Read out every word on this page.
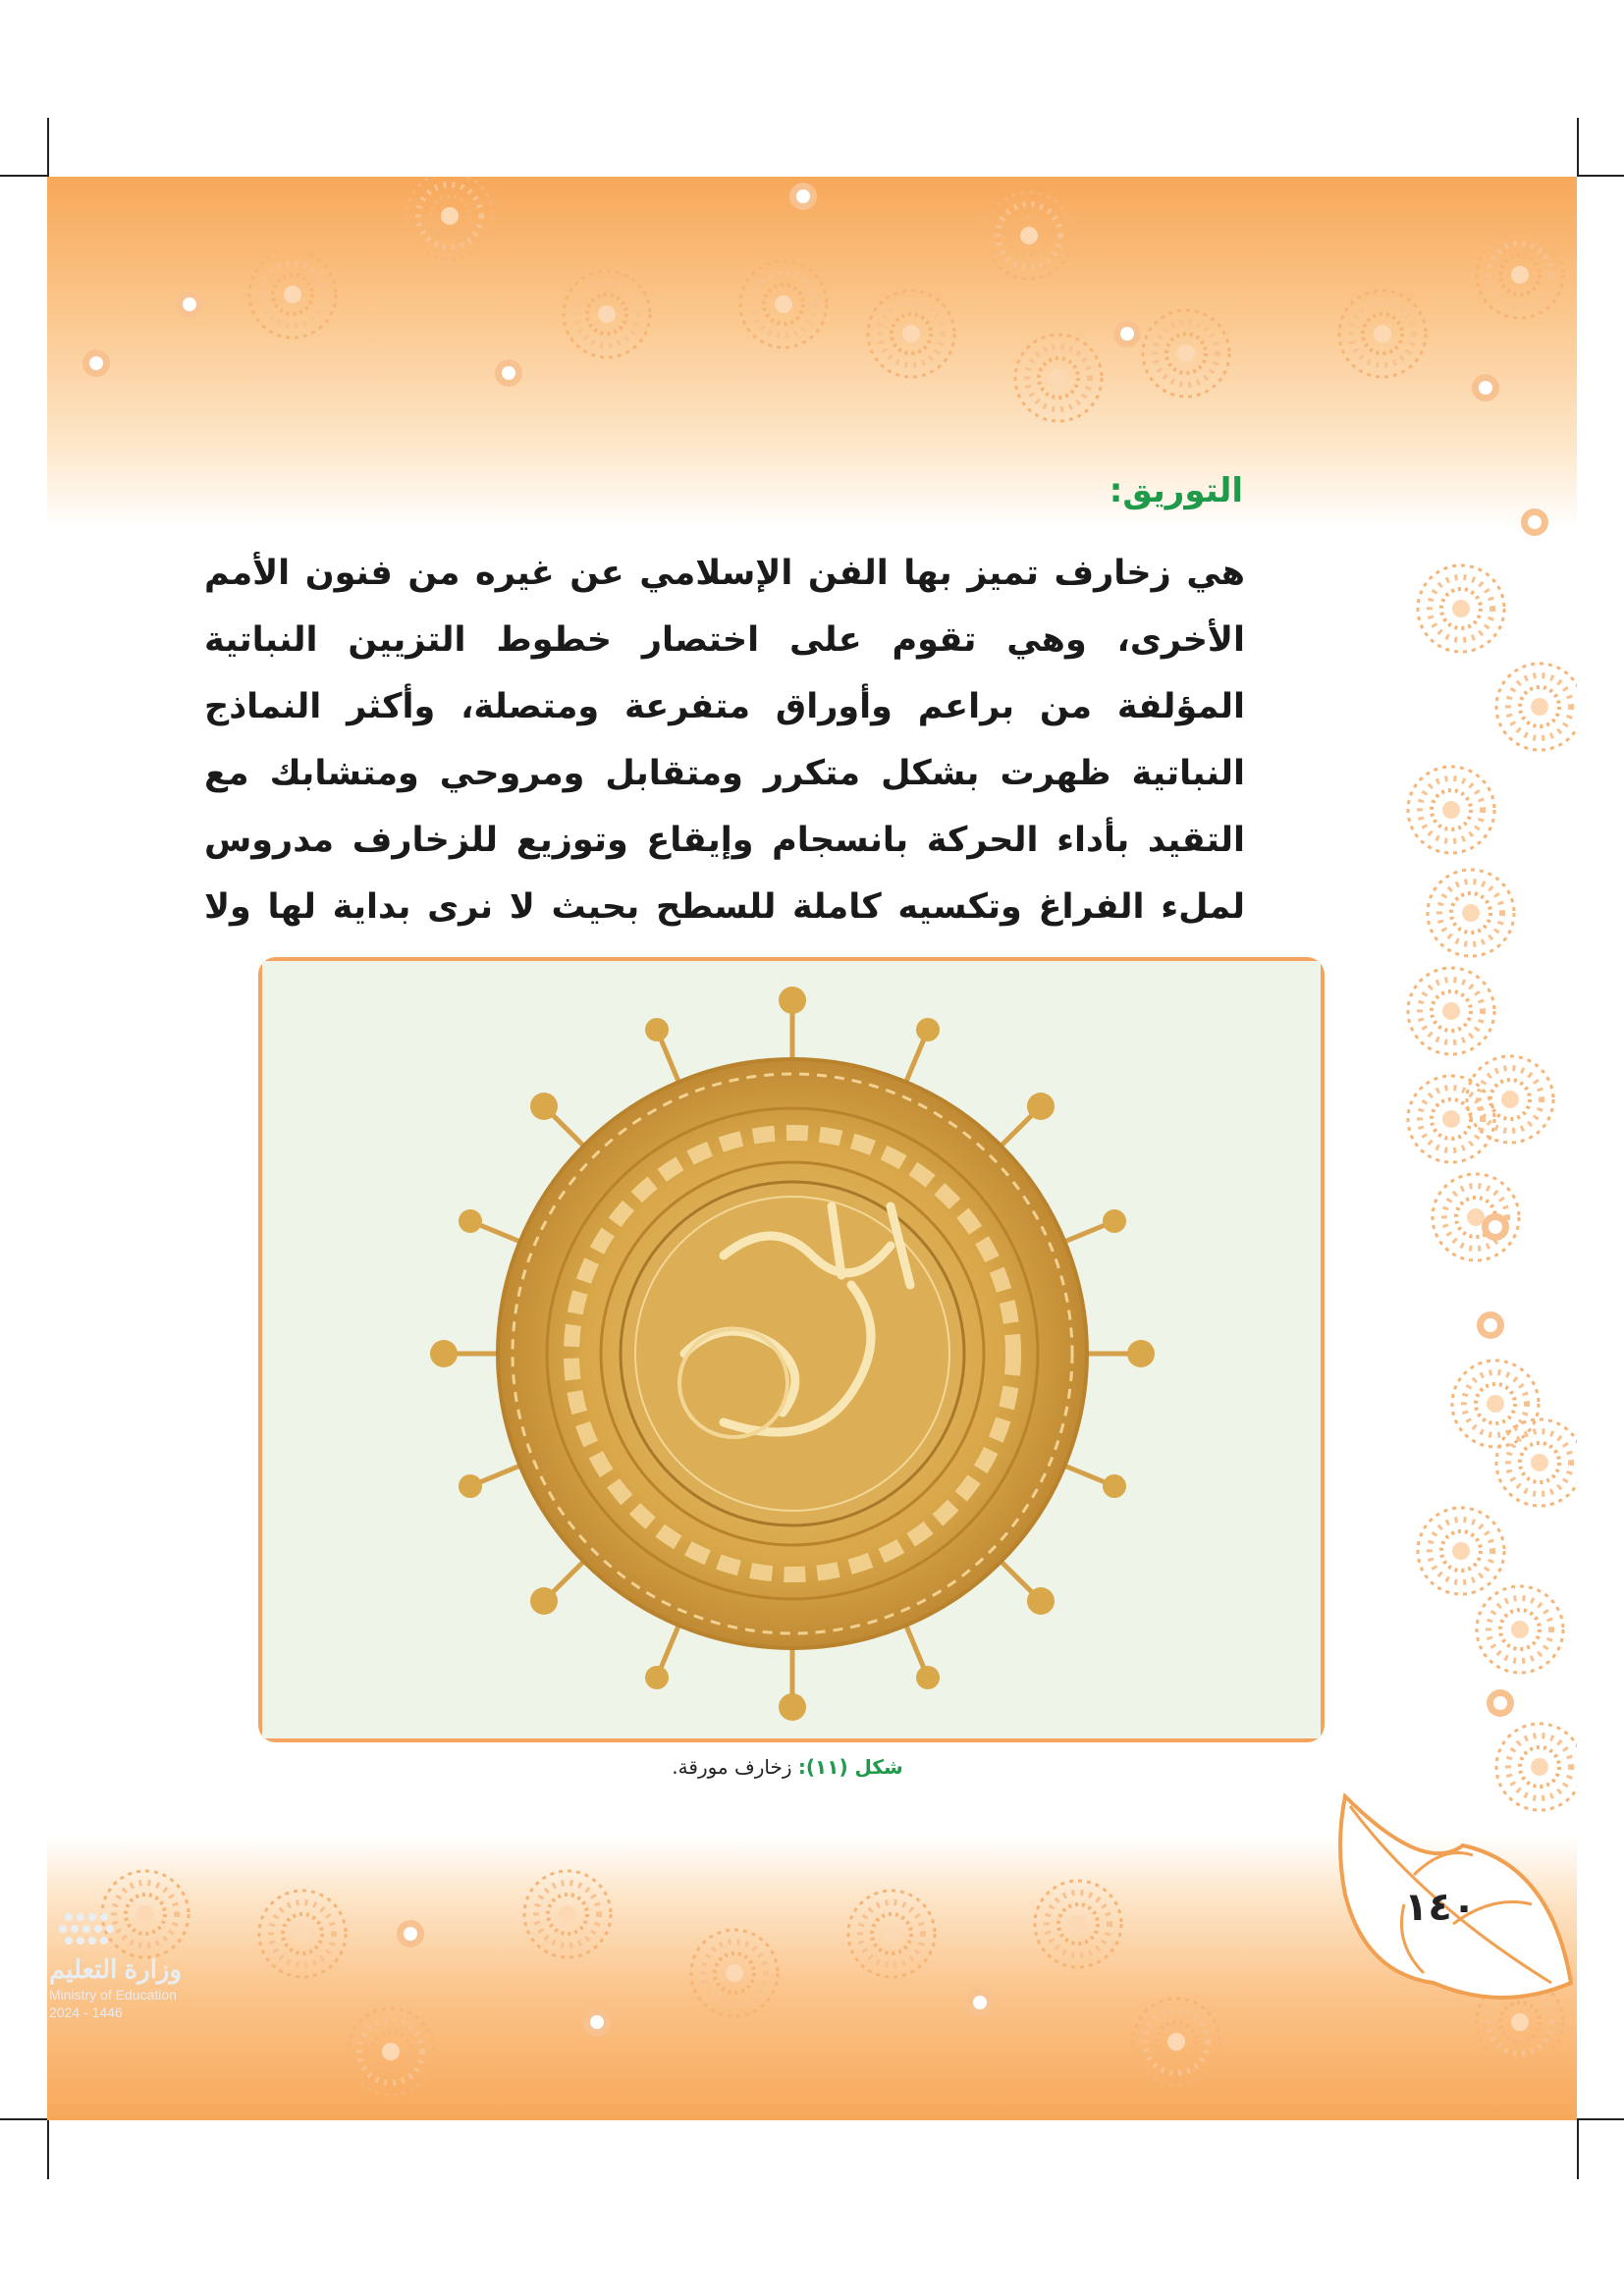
التوريق:

هي زخارف تميز بها الفن الإسلامي عن غيره من فنون الأمم الأخرى، وهي تقوم على اختصار خطوط التزيين النباتية المؤلفة من براعم وأوراق متفرعة ومتصلة، وأكثر النماذج النباتية ظهرت بشكل متكرر ومتقابل ومروحي ومتشابك مع التقيد بأداء الحركة بانسجام وإيقاع وتوزيع للزخارف مدروس لملء الفراغ وتكسيه كاملة للسطح بحيث لا نرى بداية لها ولا

شكل (١١): زخارف مورقة.

١٤٠
وزارة التعليم
Ministry of Education
2024 - 1446
